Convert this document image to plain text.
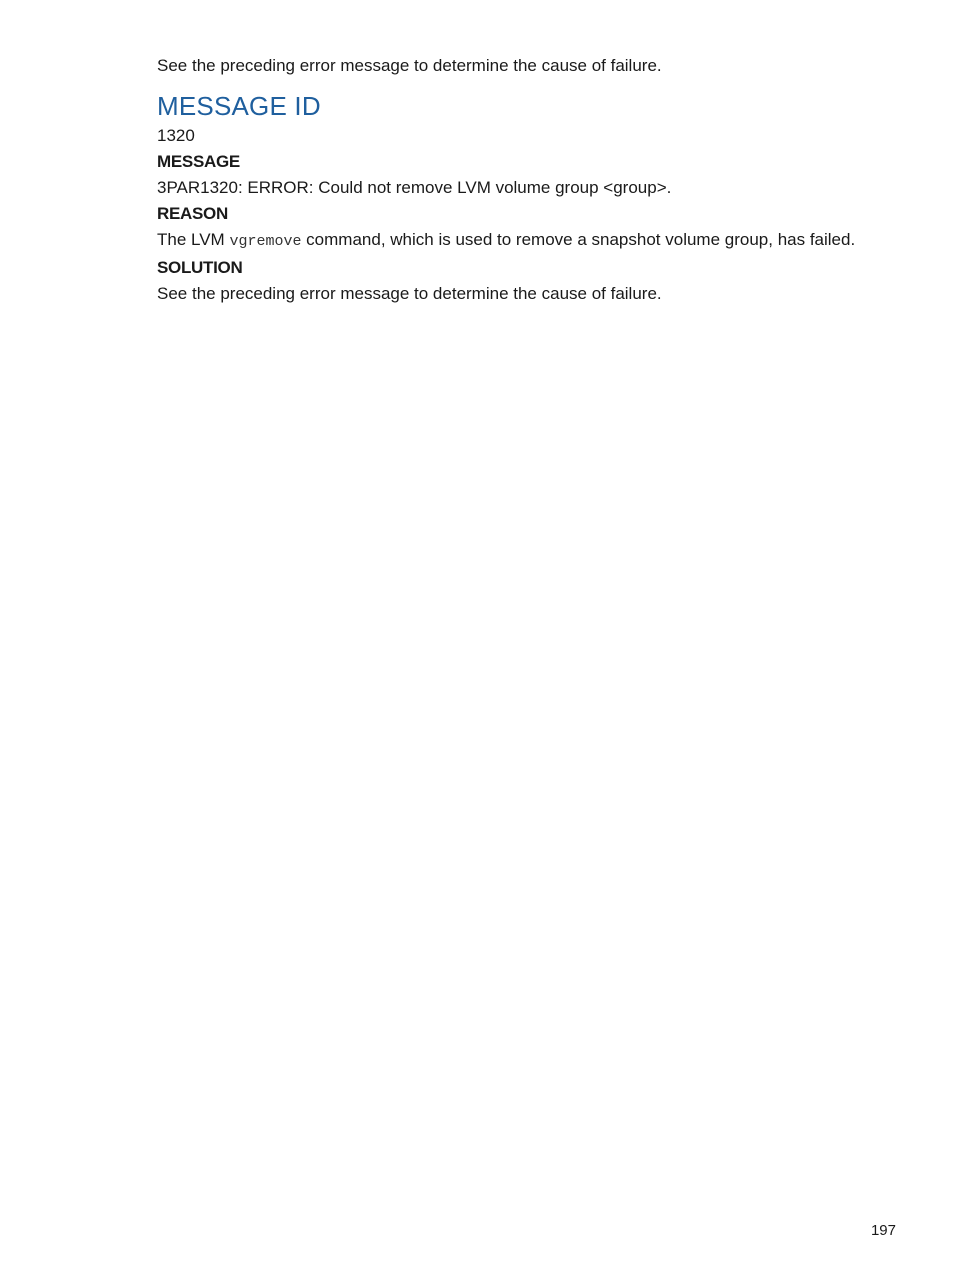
See the preceding error message to determine the cause of failure.

MESSAGE ID

1320

MESSAGE

3PAR1320: ERROR: Could not remove LVM volume group <group>.

REASON

The LVM vgremove command, which is used to remove a snapshot volume group, has failed.

SOLUTION

See the preceding error message to determine the cause of failure.

197
